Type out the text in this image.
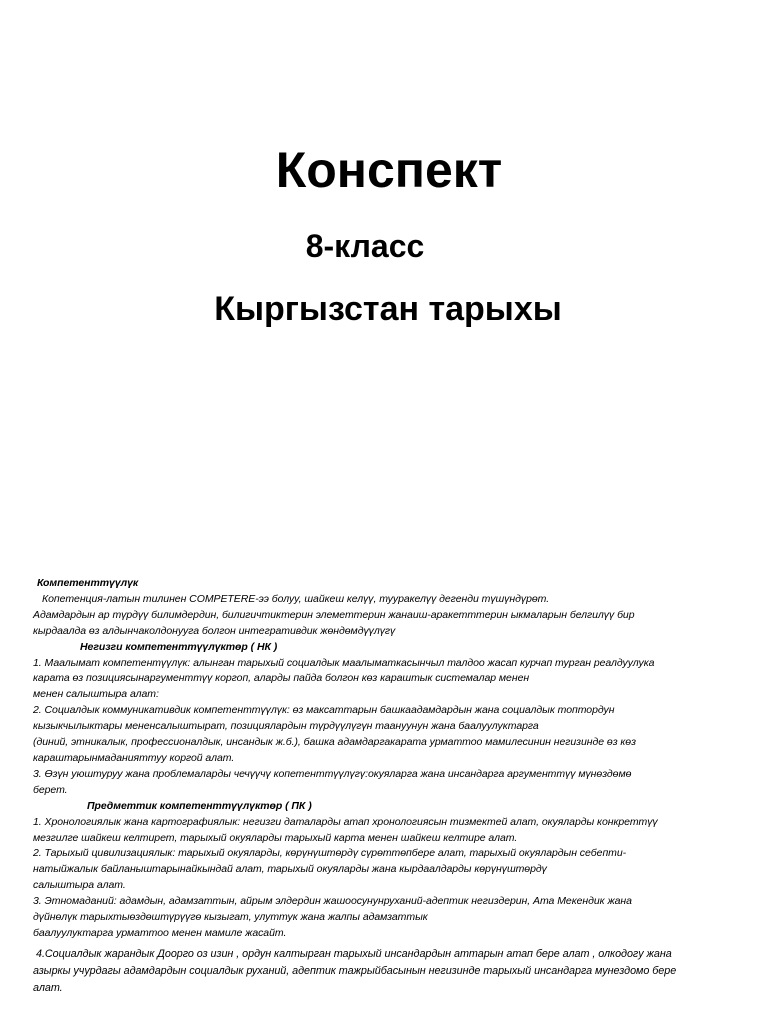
Конспект
8-класс
Кыргызстан тарыхы

Компетенттүүлүк

Копетенция-латын тилинен COMPETERE-ээ болуу, шайкеш келүү, тууракелүү дегенди түшүндүрөт.

Адамдардын ар түрдүү билимдердин, билигичтиктерин элеметтерин жанаиш-аракетттерин ыкмаларын белгилүү бир

кырдаалда өз алдынчаколдонууга болгон интегративдик жөндөмдүүлүгү

Негизги компетенттүүлүктөр ( НК )

1. Маалымат компетентүүлүк: алынган тарыхый социалдык маалыматкасынчыл талдоо жасап курчап турган реалдуулука

карата өз позициясынаргументтүү коргоп, аларды пайда болгон көз караштык системалар менен

менен салыштыра алат:

2. Социалдык коммуникативдик компетенттүүлүк: өз максаттарын башкаадамдардын жана социалдык топтордун

кызыкчылыктары мененсалыштырат, позициялардын түрдүүлүгүн таануунун жана баалуулуктарга

(диний, этникалык, профессионалдык, инсандык ж.б.), башка адамдаргакарата урматтоо мамилесинин негизинде өз көз

караштарынмаданияттуу коргой алат.

3. Өзүн уюштуруу жана проблемаларды чечүүчү копетенттүүлүгү:окуяларга жана инсандарга аргументтүү мүнөздөмө

берет.

Предметтик компетенттүүлүктөр ( ПК )

1. Хронологиялык жана картографиялык: негизги даталарды атап хронологиясын тизмектей алат, окуяларды конкреттүү

мезгилге шайкеш келтирет, тарыхый окуяларды тарыхый карта менен шайкеш келтире алат.

2. Тарыхый цивилизациялык: тарыхый окуяларды, көрүнүштөрдү сүрөттөпбере алат, тарыхый окуялардын себепти-

натыйжалык байланыштарынайкындай алат, тарыхый окуяларды жана кырдаалдарды көрүнүштөрдү

салыштыра алат.

3. Этномаданий: адамдын, адамзаттын, айрым элдердин жашоосунунруханий-адептик негиздерин, Ата Мекендик жана

дүйнөлүк тарыхтыөздөштүрүүгө кызыгат, улуттук жана жалпы адамзаттык

баалуулуктарга урматтоо менен мамиле жасайт.

4.Социалдык жарандык Доорго оз изин , ордун калтырган тарыхый инсандардын аттарын атап бере алат , олкодогу жана

азыркы учурдагы адамдардын социалдык руханий, адептик тажрыйбасынын негизинде тарыхый инсандарга мунездомо бере

алат.
